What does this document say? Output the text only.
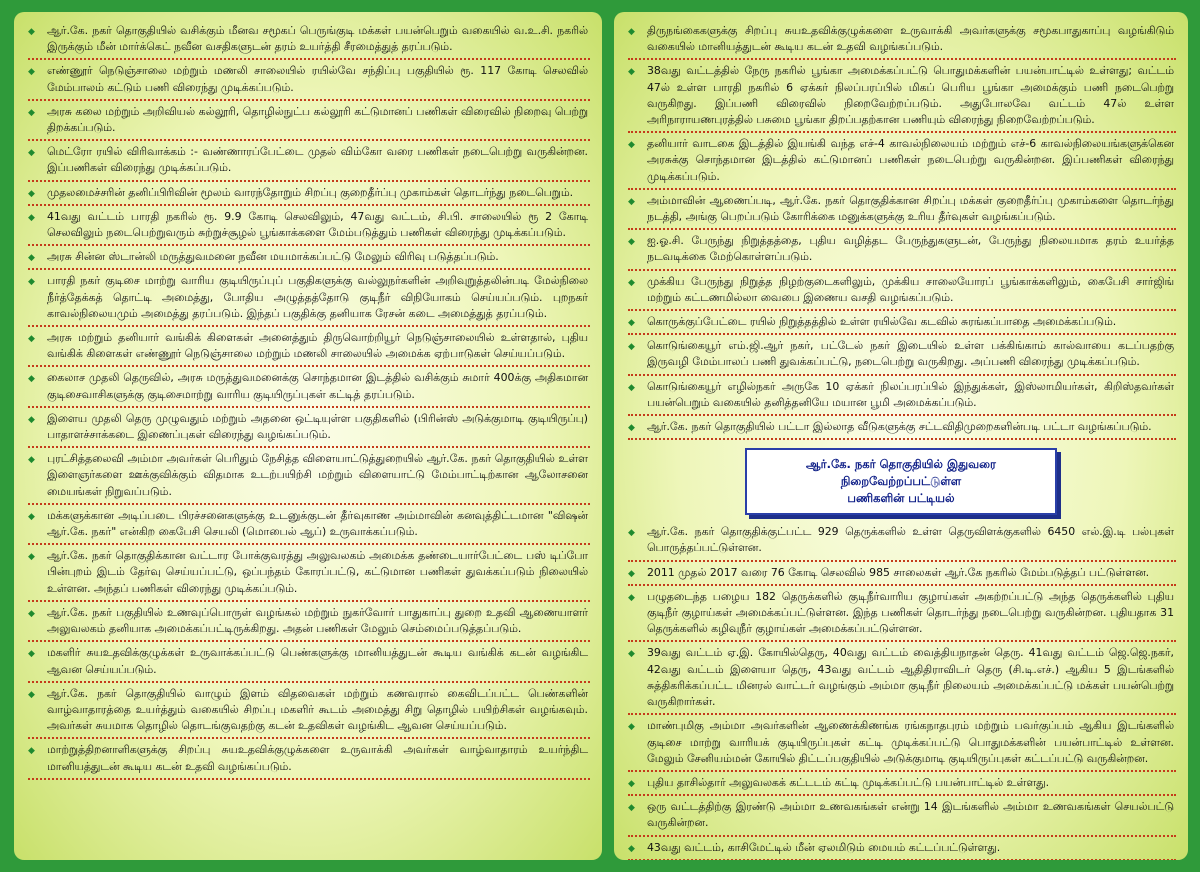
◆
ஆர்.கே. நகர் தொகுதியில் வசிக்கும் மீனவ சமூகப் பெருங்குடி மக்கள் பயன்பெறும் வகையில் வ.உ.சி. நகரில் இருக்கும் மீன் மார்க்கெட் நவீன வசதிகளுடன் தரம் உயர்த்தி சீரமைத்துத் தரப்படும்.
◆
எண்ணூர் நெடுஞ்சாலை மற்றும் மணலி சாலையில் ரயில்வே சந்திப்பு பகுதியில் ரூ. 117 கோடி செலவில் மேம்பாலம் கட்டும் பணி விரைந்து முடிக்கப்படும்.
◆
அரசு கலை மற்றும் அறிவியல் கல்லூரி, தொழில்நுட்ப கல்லூரி கட்டுமானப் பணிகள் விரைவில் நிறைவு பெற்று திறக்கப்படும்.
◆
மெட்ரோ ரயில் விரிவாக்கம் :- வண்ணாரப்பேட்டை முதல் விம்கோ வரை பணிகள் நடைபெற்று வருகின்றன. இப்பணிகள் விரைந்து முடிக்கப்படும்.
◆
முதலமைச்சரின் தனிப்பிரிவின் மூலம் வாரந்தோறும் சிறப்பு குறைதீர்ப்பு முகாம்கள் தொடர்ந்து நடைபெறும்.
◆
41வது வட்டம் பாரதி நகரில் ரூ. 9.9 கோடி செலவிலும், 47வது வட்டம், சி.பி. சாலையில் ரூ 2 கோடி செலவிலும் நடைபெற்றுவரும் சுற்றுச்சூழல் பூங்காக்களை மேம்படுத்தும் பணிகள் விரைந்து முடிக்கப்படும்.
◆
அரசு சின்ன ஸ்டான்லி மருத்துவமனை நவீன மயமாக்கப்பட்டு மேலும் விரிவு படுத்தப்படும்.
◆
பாரதி நகர் குடிசை மாற்று வாரிய குடியிருப்புப் பகுதிகளுக்கு வல்லுநர்களின் அறிவுறுத்தலின்படி மேல்நிலை நீர்த்தேக்கத் தொட்டி அமைத்து, போதிய அழுத்தத்தோடு குடிநீர் விநியோகம் செய்யப்படும். புறநகர் காவல்நிலையமும் அமைத்து தரப்படும். இந்தப் பகுதிக்கு தனியாக ரேசன் கடை அமைத்துத் தரப்படும்.
◆
அரசு மற்றும் தனியார் வங்கிக் கிளைகள் அனைத்தும் திருவொற்றியூர் நெடுஞ்சாலையில் உள்ளதால், புதிய வங்கிக் கிளைகள் எண்ணூர் நெடுஞ்சாலை மற்றும் மணலி சாலையில் அமைக்க ஏற்பாடுகள் செய்யப்படும்.
◆
கைலாச முதலி தெருவில், அரசு மருத்துவமனைக்கு சொந்தமான இடத்தில் வசிக்கும் சுமார் 400க்கு அதிகமான குடிசைவாசிகளுக்கு குடிசைமாற்று வாரிய குடியிருப்புகள் கட்டித் தரப்படும்.
◆
இளைய முதலி தெரு முழுவதும் மற்றும் அதனை ஒட்டியுள்ள பகுதிகளில் (பிரின்ஸ் அடுக்குமாடி குடியிருப்பு) பாதாளச்சாக்கடை இணைப்புகள் விரைந்து வழங்கப்படும்.
◆
புரட்சித்தலைவி அம்மா அவர்கள் பெரிதும் நேசித்த விளையாட்டுத்துறையில் ஆர்.கே. நகர் தொகுதியில் உள்ள இளைஞர்களை ஊக்குவிக்கும் விதமாக உடற்பயிற்சி மற்றும் விளையாட்டு மேம்பாட்டிற்கான ஆலோசனை மையங்கள் நிறுவப்படும்.
◆
மக்களுக்கான அடிப்படை பிரச்சனைகளுக்கு உடனுக்குடன் தீர்வுகாண அம்மாவின் கனவுத்திட்டமான "விஷன் ஆர்.கே. நகர்" என்கிற கைபேசி செயலி (மொபைல் ஆப்) உருவாக்கப்படும்.
◆
ஆர்.கே. நகர் தொகுதிக்கான வட்டார போக்குவரத்து அலுவலகம் அமைக்க தண்டையார்பேட்டை பஸ் டிப்போ பின்புறம் இடம் தேர்வு செய்யப்பட்டு, ஒப்பந்தம் கோரப்பட்டு, கட்டுமான பணிகள் துவக்கப்படும் நிலையில் உள்ளன. அந்தப் பணிகள் விரைந்து முடிக்கப்படும்.
◆
ஆர்.கே. நகர் பகுதியில் உணவுப்பொருள் வழங்கல் மற்றும் நுகர்வோர் பாதுகாப்பு துறை உதவி ஆணையாளர் அலுவலகம் தனியாக அமைக்கப்பட்டிருக்கிறது. அதன் பணிகள் மேலும் செம்மைப்படுத்தப்படும்.
◆
மகளிர் சுயஉதவிக்குழுக்கள் உருவாக்கப்பட்டு பெண்களுக்கு மானியத்துடன் கூடிய வங்கிக் கடன் வழங்கிட ஆவன செய்யப்படும்.
◆
ஆர்.கே. நகர் தொகுதியில் வாழும் இளம் விதவைகள் மற்றும் கணவரால் கைவிடப்பட்ட பெண்களின் வாழ்வாதாரத்தை உயர்த்தும் வகையில் சிறப்பு மகளிர் கூடம் அமைத்து சிறு தொழில் பயிற்சிகள் வழங்கவும். அவர்கள் சுயமாக தொழில் தொடங்குவதற்கு கடன் உதவிகள் வழங்கிட ஆவன செய்யப்படும்.
◆
மாற்றுத்திறனாளிகளுக்கு சிறப்பு சுயஉதவிக்குழுக்களை உருவாக்கி அவர்கள் வாழ்வாதாரம் உயர்ந்திட மானியத்துடன் கூடிய கடன் உதவி வழங்கப்படும்.
◆
திருநங்கைகளுக்கு சிறப்பு சுயஉதவிக்குழுக்களை உருவாக்கி அவர்களுக்கு சமூகபாதுகாப்பு வழங்கிடும் வகையில் மானியத்துடன் கூடிய கடன் உதவி வழங்கப்படும்.
◆
38வது வட்டத்தில் நேரு நகரில் பூங்கா அமைக்கப்பட்டு பொதுமக்களின் பயன்பாட்டில் உள்ளது; வட்டம் 47ல் உள்ள பாரதி நகரில் 6 ஏக்கர் நிலப்பரப்பில் மிகப் பெரிய பூங்கா அமைக்கும் பணி நடைபெற்று வருகிறது. இப்பணி விரைவில் நிறைவேற்றப்படும். அதுபோலவே வட்டம் 47ல் உள்ள அரிநாராயணபுரத்தில் பசுமை பூங்கா திறப்பதற்கான பணியும் விரைந்து நிறைவேற்றப்படும்.
◆
தனியார் வாடகை இடத்தில் இயங்கி வந்த எச்-4 காவல்நிலையம் மற்றும் எச்-6 காவல்நிலையங்களுக்கென அரசுக்கு சொந்தமான இடத்தில் கட்டுமானப் பணிகள் நடைபெற்று வருகின்றன. இப்பணிகள் விரைந்து முடிக்கப்படும்.
◆
அம்மாவின் ஆணைப்படி, ஆர்.கே. நகர் தொகுதிக்கான சிறப்பு மக்கள் குறைதீர்ப்பு முகாம்களை தொடர்ந்து நடத்தி, அங்கு பெறப்படும் கோரிக்கை மனுக்களுக்கு உரிய தீர்வுகள் வழங்கப்படும்.
◆
ஐ.ஓ.சி. பேருந்து நிறுத்தத்தை, புதிய வழித்தட பேருந்துகளுடன், பேருந்து நிலையமாக தரம் உயர்த்த நடவடிக்கை மேற்கொள்ளப்படும்.
◆
முக்கிய பேருந்து நிறுத்த நிழற்குடைகளிலும், முக்கிய சாலையோரப் பூங்காக்களிலும், கைபேசி சார்ஜிங் மற்றும் கட்டணமில்லா வைபை இணைய வசதி வழங்கப்படும்.
◆
கொருக்குப்பேட்டை ரயில் நிறுத்தத்தில் உள்ள ரயில்வே கடவில் சுரங்கப்பாதை அமைக்கப்படும்.
◆
கொடுங்கையூர் எம்.ஜி.ஆர் நகர், பட்டேல் நகர் இடையில் உள்ள பக்கிங்காம் கால்வாயை கடப்பதற்கு இருவழி மேம்பாலப் பணி துவக்கப்பட்டு, நடைபெற்று வருகிறது. அப்பணி விரைந்து முடிக்கப்படும்.
◆
கொடுங்கையூர் எழில்நகர் அருகே 10 ஏக்கர் நிலப்பரப்பில் இந்துக்கள், இஸ்லாமியர்கள், கிறிஸ்தவர்கள் பயன்பெறும் வகையில் தனித்தனியே மயான பூமி அமைக்கப்படும்.
◆
ஆர்.கே. நகர் தொகுதியில் பட்டா இல்லாத வீடுகளுக்கு சட்டவிதிமுறைகளின்படி பட்டா வழங்கப்படும்.
ஆர்.கே. நகர் தொகுதியில் இதுவரை நிறைவேற்றப்பட்டுள்ள
பணிகளின் பட்டியல்
◆
ஆர்.கே. நகர் தொகுதிக்குட்பட்ட 929 தெருக்களில் உள்ள தெருவிளக்குகளில் 6450 எல்.இ.டி பல்புகள் பொருத்தப்பட்டுள்ளன.
◆
2011 முதல் 2017 வரை 76 கோடி செலவில் 985 சாலைகள் ஆர்.கே நகரில் மேம்படுத்தப் பட்டுள்ளன.
◆
பழுதடைந்த பழைய 182 தெருக்களில் குடிநீர்வாரிய குழாய்கள் அகற்றப்பட்டு அந்த தெருக்களில் புதிய குடிநீர் குழாய்கள் அமைக்கப்பட்டுள்ளன. இந்த பணிகள் தொடர்ந்து நடைபெற்று வருகின்றன. புதியதாக 31 தெருக்களில் கழிவுநீர் குழாய்கள் அமைக்கப்பட்டுள்ளன.
◆
39வது வட்டம் ஏ.இ. கோயில்தெரு, 40வது வட்டம் வைத்தியநாதன் தெரு. 41வது வட்டம் ஜெ.ஜெ.நகர், 42வது வட்டம் இளையா தெரு, 43வது வட்டம் ஆதிதிராவிடர் தெரு (சி.டி.எச்.) ஆகிய 5 இடங்களில் சுத்திகரிக்கப்பட்ட மினரல் வாட்டர் வழங்கும் அம்மா குடிநீர் நிலையம் அமைக்கப்பட்டு மக்கள் பயன்பெற்று வருகிறார்கள்.
◆
மாண்புமிகு அம்மா அவர்களின் ஆணைக்கிணங்க ரங்கநாதபுரம் மற்றும் பவர்குப்பம் ஆகிய இடங்களில் குடிசை மாற்று வாரியக் குடியிருப்புகள் கட்டி முடிக்கப்பட்டு பொதுமக்களின் பயன்பாட்டில் உள்ளன. மேலும் சேனியம்மன் கோயில் திட்டப்பகுதியில் அடுக்குமாடி குடியிருப்புகள் கட்டப்பட்டு வருகின்றன.
◆
புதிய தாசில்தார் அலுவலகக் கட்டடம் கட்டி முடிக்கப்பட்டு பயன்பாட்டில் உள்ளது.
◆
ஒரு வட்டத்திற்கு இரண்டு அம்மா உணவகங்கள் என்று 14 இடங்களில் அம்மா உணவகங்கள் செயல்பட்டு வருகின்றன.
◆
43வது வட்டம், காசிமேட்டில் மீன் ஏலமிடும் மையம் கட்டப்பட்டுள்ளது.
